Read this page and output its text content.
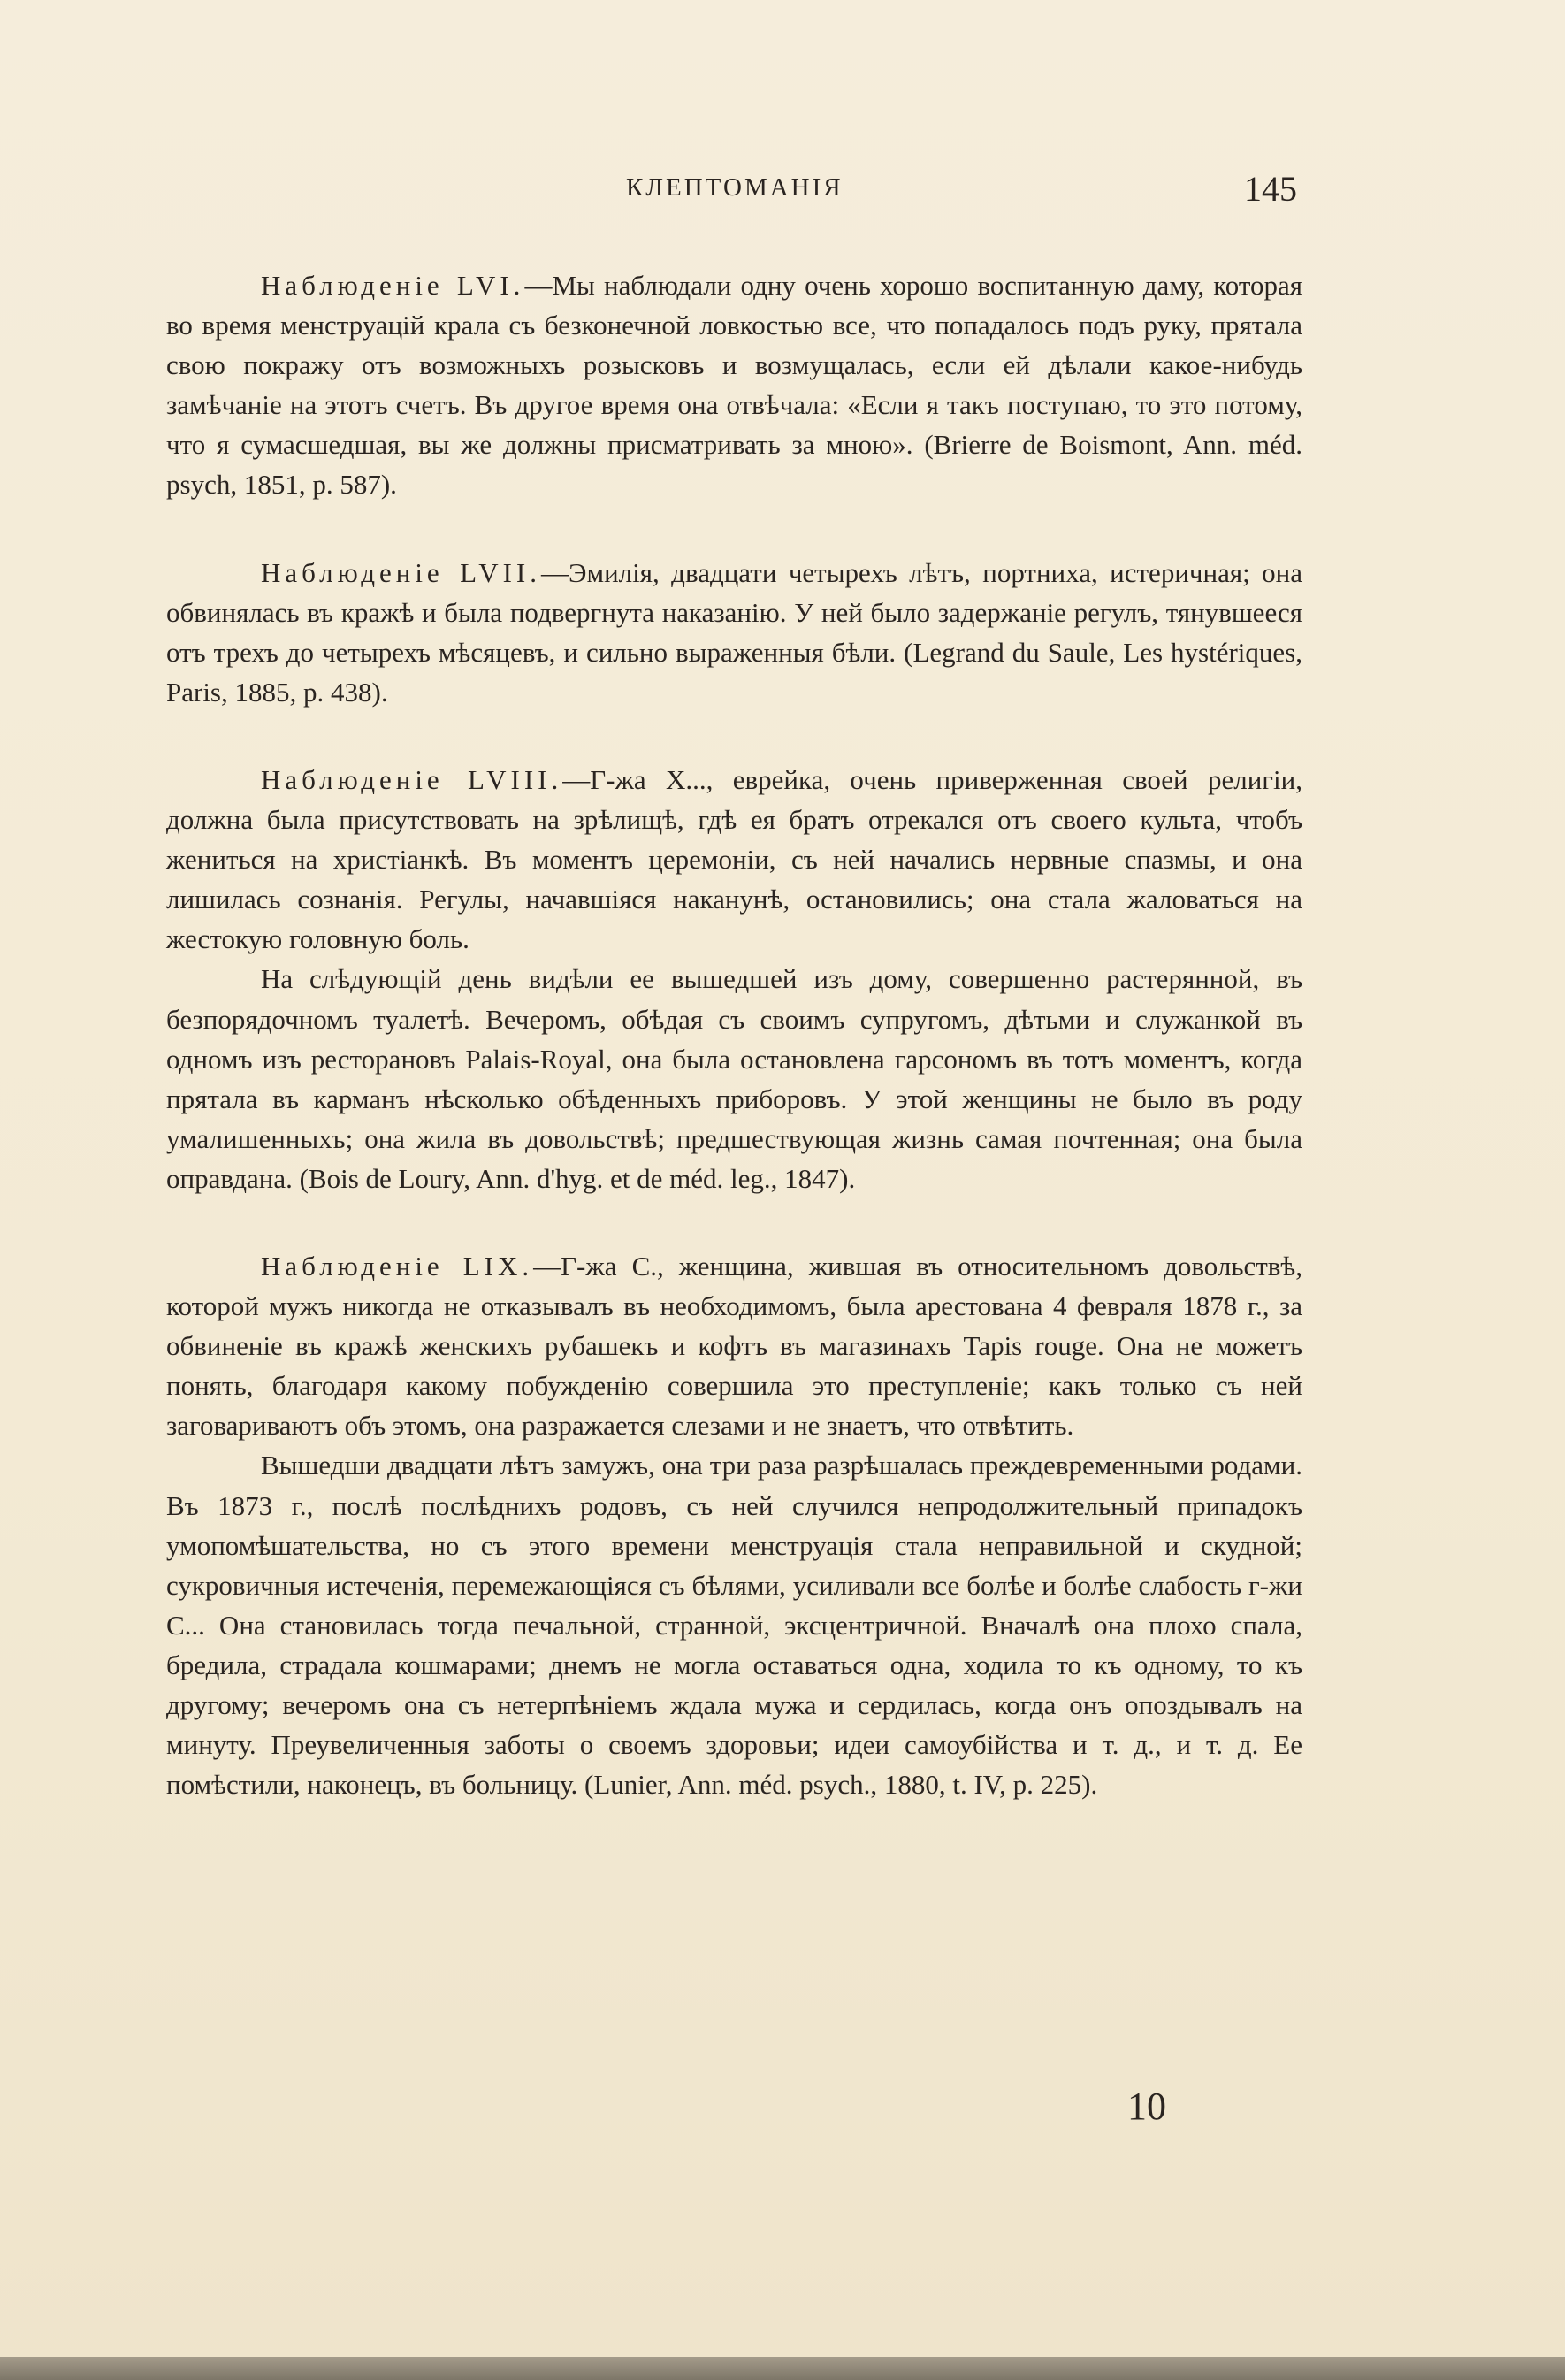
КЛЕПТОМАНІЯ	145

Наблюденіе LVI.—Мы наблюдали одну очень хорошо воспитанную даму, которая во время менструацій крала съ безконечной ловкостью все, что попадалось подъ руку, прятала свою покражу отъ возможныхъ розысковъ и возмущалась, если ей дѣлали какое-нибудь замѣчаніе на этотъ счетъ. Въ другое время она отвѣчала: «Если я такъ поступаю, то это потому, что я сумасшедшая, вы же должны присматривать за мною». (Brierre de Boismont, Ann. méd. psych, 1851, p. 587).

Наблюденіе LVII.—Эмилія, двадцати четырехъ лѣтъ, портниха, истеричная; она обвинялась въ кражѣ и была подвергнута наказанію. У ней было задержаніе регулъ, тянувшееся отъ трехъ до четырехъ мѣсяцевъ, и сильно выраженныя бѣли. (Legrand du Saule, Les hystériques, Paris, 1885, p. 438).

Наблюденіе LVIII.—Г-жа Х..., еврейка, очень приверженная своей религіи, должна была присутствовать на зрѣлищѣ, гдѣ ея братъ отрекался отъ своего культа, чтобъ жениться на христіанкѣ. Въ моментъ церемоніи, съ ней начались нервные спазмы, и она лишилась сознанія. Регулы, начавшіяся наканунѣ, остановились; она стала жаловаться на жестокую головную боль.

На слѣдующій день видѣли ее вышедшей изъ дому, совершенно растерянной, въ безпорядочномъ туалетѣ. Вечеромъ, обѣдая съ своимъ супругомъ, дѣтьми и служанкой въ одномъ изъ ресторановъ Palais-Royal, она была остановлена гарсономъ въ тотъ моментъ, когда прятала въ карманъ нѣсколько обѣденныхъ приборовъ. У этой женщины не было въ роду умалишенныхъ; она жила въ довольствѣ; предшествующая жизнь самая почтенная; она была оправдана. (Bois de Loury, Ann. d'hyg. et de méd. leg., 1847).

Наблюденіе LIX.—Г-жа С., женщина, жившая въ относительномъ довольствѣ, которой мужъ никогда не отказывалъ въ необходимомъ, была арестована 4 февраля 1878 г., за обвиненіе въ кражѣ женскихъ рубашекъ и кофтъ въ магазинахъ Tapis rouge. Она не можетъ понять, благодаря какому побужденію совершила это преступленіе; какъ только съ ней заговариваютъ объ этомъ, она разражается слезами и не знаетъ, что отвѣтить.

Вышедши двадцати лѣтъ замужъ, она три раза разрѣшалась преждевременными родами. Въ 1873 г., послѣ послѣднихъ родовъ, съ ней случился непродолжительный припадокъ умопомѣшательства, но съ этого времени менструація стала неправильной и скудной; сукровичныя истеченія, перемежающіяся съ бѣлями, усиливали все болѣе и болѣе слабость г-жи С... Она становилась тогда печальной, странной, эксцентричной. Вначалѣ она плохо спала, бредила, страдала кошмарами; днемъ не могла оставаться одна, ходила то къ одному, то къ другому; вечеромъ она съ нетерпѣніемъ ждала мужа и сердилась, когда онъ опоздывалъ на минуту. Преувеличенныя заботы о своемъ здоровьи; идеи самоубійства и т. д., и т. д. Ее помѣстили, наконецъ, въ больницу. (Lunier, Ann. méd. psych., 1880, t. IV, p. 225).

10
